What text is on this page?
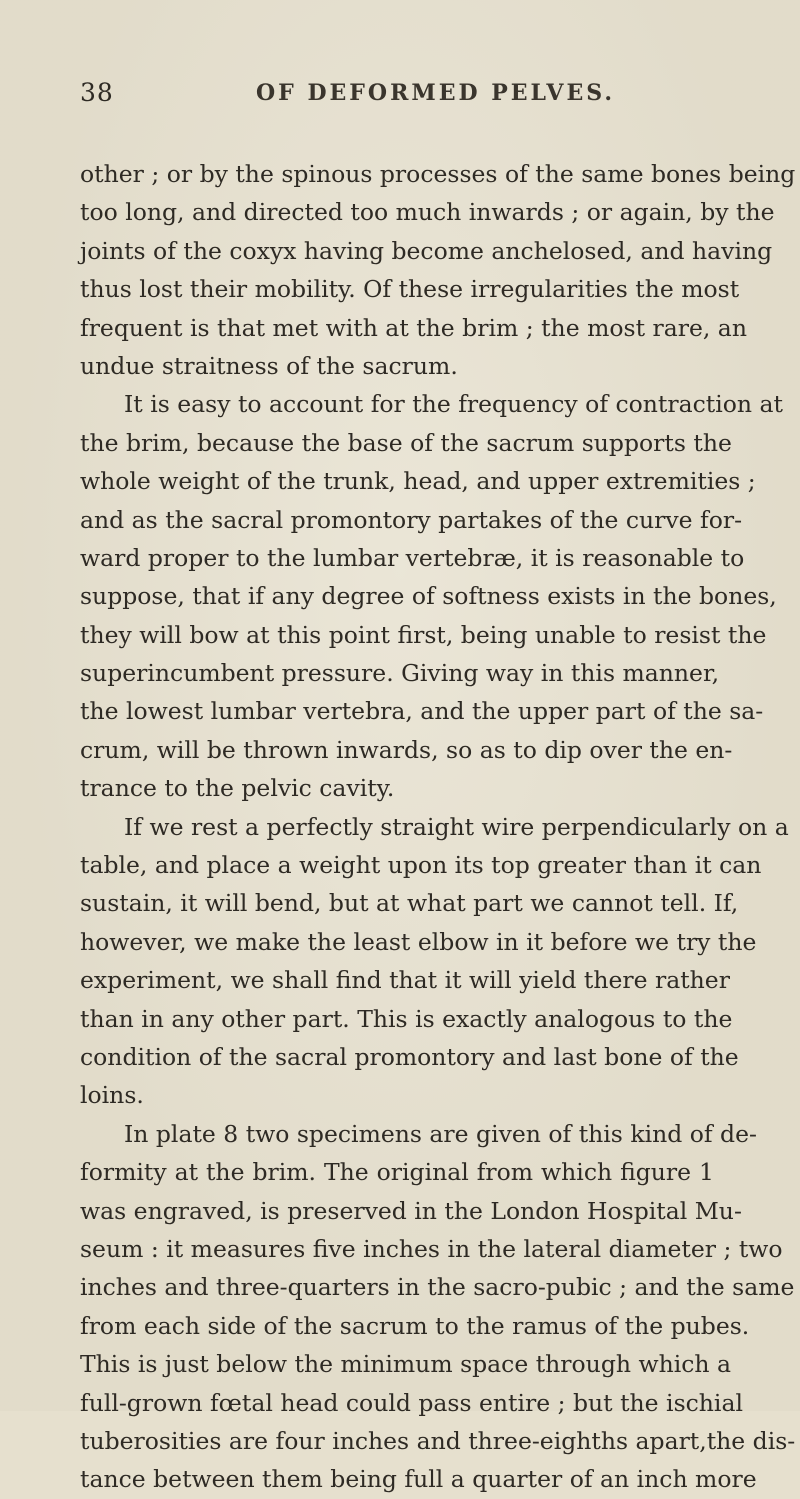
38	OF DEFORMED PELVES.
other ; or by the spinous processes of the same bones being
too long, and directed too much inwards ; or again, by the
joints of the coxyx having become anchelosed, and having
thus lost their mobility. Of these irregularities the most
frequent is that met with at the brim ; the most rare, an
undue straitness of the sacrum.
It is easy to account for the frequency of contraction at
the brim, because the base of the sacrum supports the
whole weight of the trunk, head, and upper extremities ;
and as the sacral promontory partakes of the curve for-
ward proper to the lumbar vertebræ, it is reasonable to
suppose, that if any degree of softness exists in the bones,
they will bow at this point first, being unable to resist the
superincumbent pressure. Giving way in this manner,
the lowest lumbar vertebra, and the upper part of the sa-
crum, will be thrown inwards, so as to dip over the en-
trance to the pelvic cavity.
If we rest a perfectly straight wire perpendicularly on a
table, and place a weight upon its top greater than it can
sustain, it will bend, but at what part we cannot tell. If,
however, we make the least elbow in it before we try the
experiment, we shall find that it will yield there rather
than in any other part. This is exactly analogous to the
condition of the sacral promontory and last bone of the
loins.
In plate 8 two specimens are given of this kind of de-
formity at the brim. The original from which figure 1
was engraved, is preserved in the London Hospital Mu-
seum : it measures five inches in the lateral diameter ; two
inches and three-quarters in the sacro-pubic ; and the same
from each side of the sacrum to the ramus of the pubes.
This is just below the minimum space through which a
full-grown fœtal head could pass entire ; but the ischial
tuberosities are four inches and three-eighths apart,the dis-
tance between them being full a quarter of an inch more
